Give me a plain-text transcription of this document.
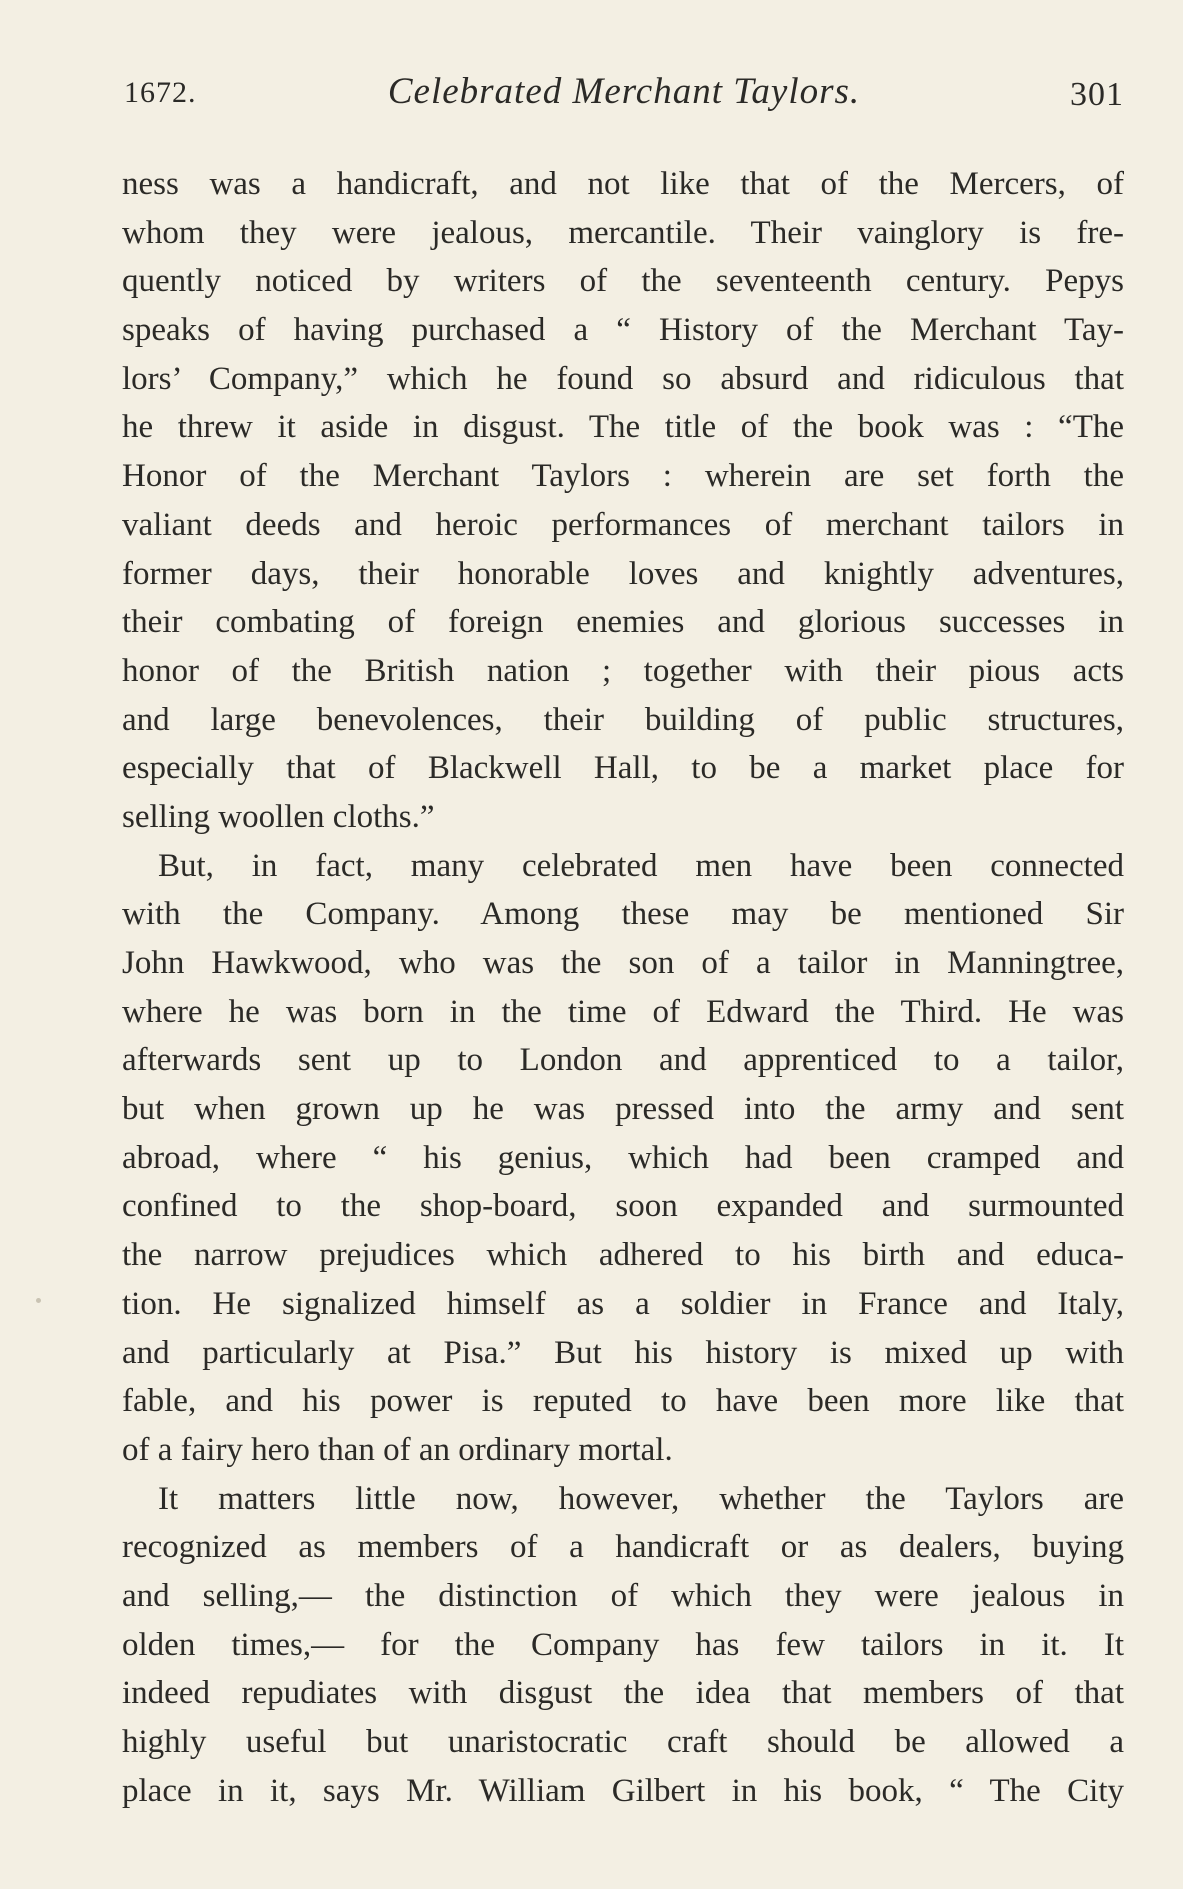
1672.	Celebrated Merchant Taylors.	301
ness was a handicraft, and not like that of the Mercers, of
whom they were jealous, mercantile. Their vainglory is fre-
quently noticed by writers of the seventeenth century. Pepys
speaks of having purchased a “ History of the Merchant Tay-
lors’ Company,” which he found so absurd and ridiculous that
he threw it aside in disgust. The title of the book was : “The
Honor of the Merchant Taylors : wherein are set forth the
valiant deeds and heroic performances of merchant tailors in
former days, their honorable loves and knightly adventures,
their combating of foreign enemies and glorious successes in
honor of the British nation ; together with their pious acts
and large benevolences, their building of public structures,
especially that of Blackwell Hall, to be a market place for
selling woollen cloths.”
But, in fact, many celebrated men have been connected
with the Company. Among these may be mentioned Sir
John Hawkwood, who was the son of a tailor in Manningtree,
where he was born in the time of Edward the Third. He was
afterwards sent up to London and apprenticed to a tailor,
but when grown up he was pressed into the army and sent
abroad, where “ his genius, which had been cramped and
confined to the shop-board, soon expanded and surmounted
the narrow prejudices which adhered to his birth and educa-
tion. He signalized himself as a soldier in France and Italy,
and particularly at Pisa.” But his history is mixed up with
fable, and his power is reputed to have been more like that
of a fairy hero than of an ordinary mortal.
It matters little now, however, whether the Taylors are
recognized as members of a handicraft or as dealers, buying
and selling,— the distinction of which they were jealous in
olden times,— for the Company has few tailors in it. It
indeed repudiates with disgust the idea that members of that
highly useful but unaristocratic craft should be allowed a
place in it, says Mr. William Gilbert in his book, “ The City
